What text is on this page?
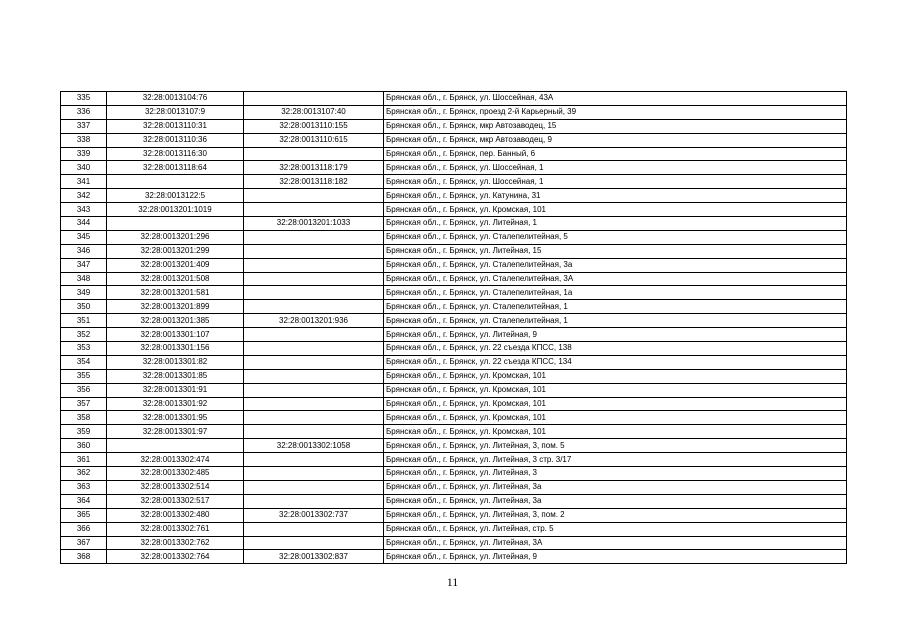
335	32:28:0013104:76		Брянская обл., г. Брянск, ул. Шоссейная, 43А
336	32:28:0013107:9	32:28:0013107:40	Брянская обл., г. Брянск, проезд 2-й Карьерный, 39
337	32:28:0013110:31	32:28:0013110:155	Брянская обл., г. Брянск, мкр Автозаводец, 15
338	32:28:0013110:36	32:28:0013110:615	Брянская обл., г. Брянск, мкр Автозаводец, 9
339	32:28:0013116:30		Брянская обл., г. Брянск, пер. Банный, 6
340	32:28:0013118:64	32:28:0013118:179	Брянская обл., г. Брянск, ул. Шоссейная, 1
341		32:28:0013118:182	Брянская обл., г. Брянск, ул. Шоссейная, 1
342	32:28:0013122:5		Брянская обл., г. Брянск, ул. Катунина, 31
343	32:28:0013201:1019		Брянская обл., г. Брянск, ул. Кромская, 101
344		32:28:0013201:1033	Брянская обл., г. Брянск, ул. Литейная, 1
345	32:28:0013201:296		Брянская обл., г. Брянск, ул. Сталепелитейная, 5
346	32:28:0013201:299		Брянская обл., г. Брянск, ул. Литейная, 15
347	32:28:0013201:409		Брянская обл., г. Брянск, ул. Сталепелитейная, 3а
348	32:28:0013201:508		Брянская обл., г. Брянск, ул. Сталепелитейная, 3А
349	32:28:0013201:581		Брянская обл., г. Брянск, ул. Сталепелитейная, 1а
350	32:28:0013201:899		Брянская обл., г. Брянск, ул. Сталепелитейная, 1
351	32:28:0013201:385	32:28:0013201:936	Брянская обл., г. Брянск, ул. Сталепелитейная, 1
352	32:28:0013301:107		Брянская обл., г. Брянск, ул. Литейная, 9
353	32:28:0013301:156		Брянская обл., г. Брянск, ул. 22 съезда КПСС, 138
354	32:28:0013301:82		Брянская обл., г. Брянск, ул. 22 съезда КПСС, 134
355	32:28:0013301:85		Брянская обл., г. Брянск, ул. Кромская, 101
356	32:28:0013301:91		Брянская обл., г. Брянск, ул. Кромская, 101
357	32:28:0013301:92		Брянская обл., г. Брянск, ул. Кромская, 101
358	32:28:0013301:95		Брянская обл., г. Брянск, ул. Кромская, 101
359	32:28:0013301:97		Брянская обл., г. Брянск, ул. Кромская, 101
360		32:28:0013302:1058	Брянская обл., г. Брянск, ул. Литейная, 3, пом. 5
361	32:28:0013302:474		Брянская обл., г. Брянск, ул. Литейная, 3 стр. 3/17
362	32:28:0013302:485		Брянская обл., г. Брянск, ул. Литейная, 3
363	32:28:0013302:514		Брянская обл., г. Брянск, ул. Литейная, 3а
364	32:28:0013302:517		Брянская обл., г. Брянск, ул. Литейная, 3а
365	32:28:0013302:480	32:28:0013302:737	Брянская обл., г. Брянск, ул. Литейная, 3, пом. 2
366	32:28:0013302:761		Брянская обл., г. Брянск, ул. Литейная, стр. 5
367	32:28:0013302:762		Брянская обл., г. Брянск, ул. Литейная, 3А
368	32:28:0013302:764	32:28:0013302:837	Брянская обл., г. Брянск, ул. Литейная, 9
11
